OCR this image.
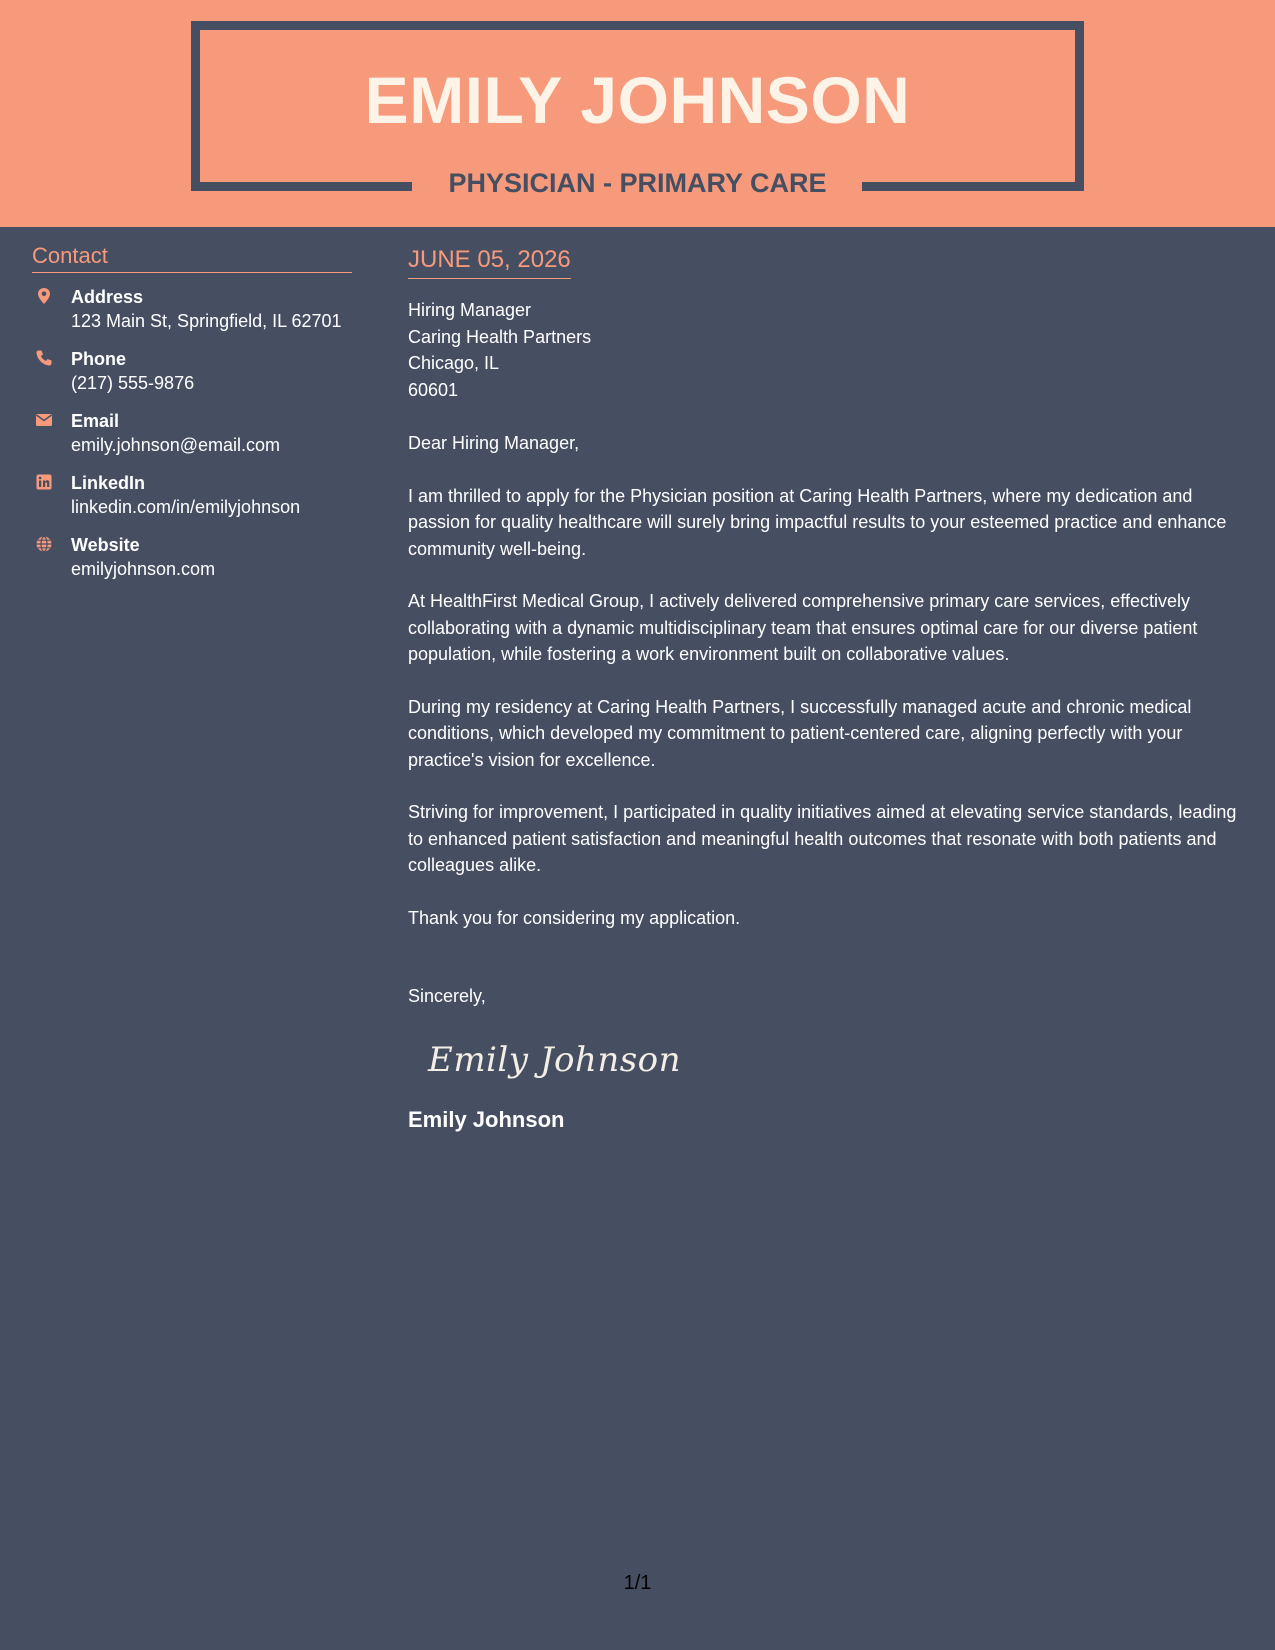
EMILY JOHNSON
PHYSICIAN - PRIMARY CARE
Contact
Address
123 Main St, Springfield, IL 62701
Phone
(217) 555-9876
Email
emily.johnson@email.com
LinkedIn
linkedin.com/in/emilyjohnson
Website
emilyjohnson.com
JUNE 05, 2026
Hiring Manager
Caring Health Partners
Chicago, IL
60601

Dear Hiring Manager,

I am thrilled to apply for the Physician position at Caring Health Partners, where my dedication and passion for quality healthcare will surely bring impactful results to your esteemed practice and enhance community well-being.

At HealthFirst Medical Group, I actively delivered comprehensive primary care services, effectively collaborating with a dynamic multidisciplinary team that ensures optimal care for our diverse patient population, while fostering a work environment built on collaborative values.

During my residency at Caring Health Partners, I successfully managed acute and chronic medical conditions, which developed my commitment to patient-centered care, aligning perfectly with your practice's vision for excellence.

Striving for improvement, I participated in quality initiatives aimed at elevating service standards, leading to enhanced patient satisfaction and meaningful health outcomes that resonate with both patients and colleagues alike.

Thank you for considering my application.

Sincerely,

Emily Johnson
Emily Johnson
1/1
